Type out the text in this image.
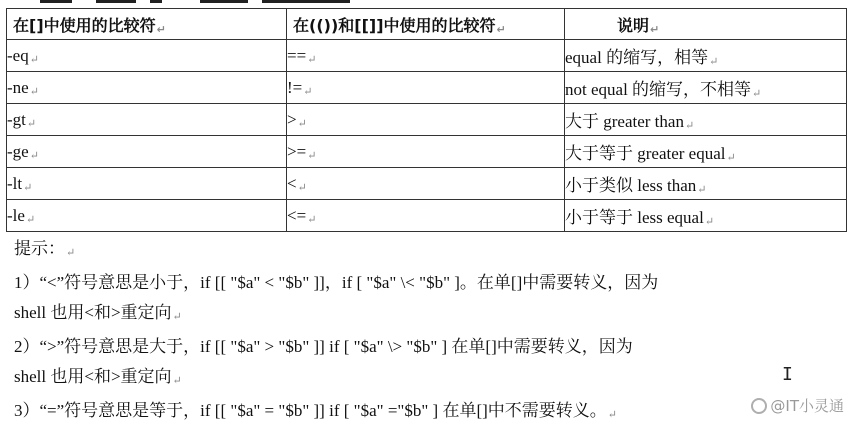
在[]中使用的比较符↵	在(())和[[]]中使用的比较符↵	说明↵
-eq↵	==↵	equal 的缩写，相等↵
-ne↵	!=↵	not equal 的缩写，不相等↵
-gt↵	>↵	大于 greater than↵
-ge↵	>=↵	大于等于 greater equal↵
-lt↵	<↵	小于类似 less than↵
-le↵	<=↵	小于等于 less equal↵
提示：↵
1）“<”符号意思是小于，if [[ "$a" < "$b" ]]，if [ "$a" \< "$b" ]。在单[]中需要转义，因为
shell 也用<和>重定向↵
2）“>”符号意思是大于，if [[ "$a" > "$b" ]] if [ "$a" \> "$b" ] 在单[]中需要转义，因为
shell 也用<和>重定向↵
3）“=”符号意思是等于，if [[ "$a" = "$b" ]] if [ "$a" ="$b" ] 在单[]中不需要转义。↵
I
@IT小灵通
